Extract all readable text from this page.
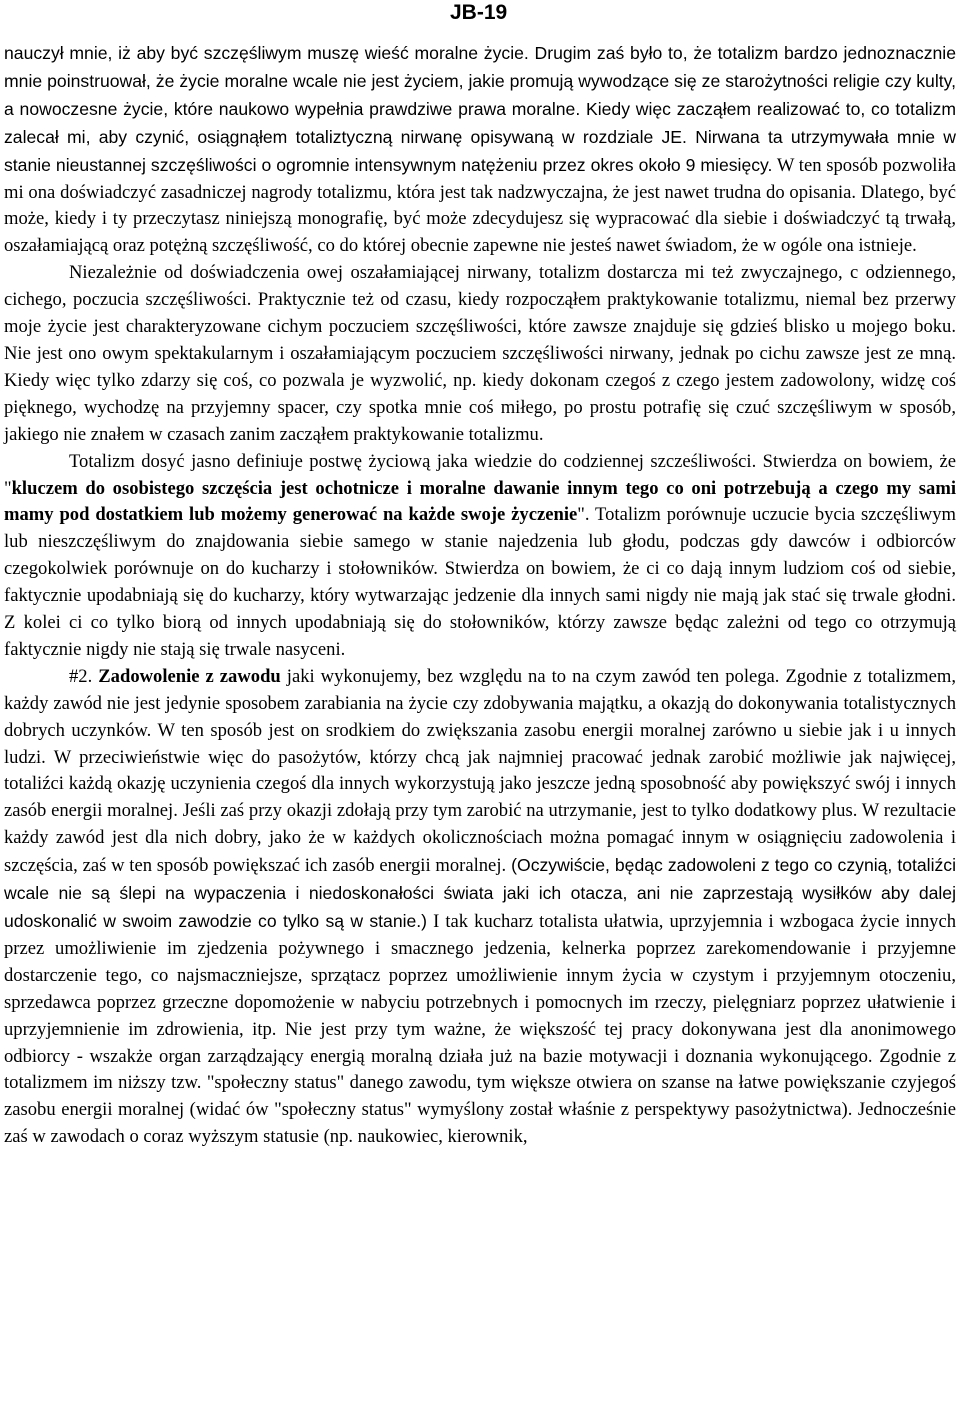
JB-19

nauczył mnie, iż aby być szczęśliwym muszę wieść moralne życie. Drugim zaś było to, że totalizm bardzo jednoznacznie mnie poinstruował, że życie moralne wcale nie jest życiem, jakie promują wywodzące się ze starożytności religie czy kulty, a nowoczesne życie, które naukowo wypełnia prawdziwe prawa moralne. Kiedy więc zacząłem realizować to, co totalizm zalecał mi, aby czynić, osiągnąłem totaliztyczną nirwanę opisywaną w rozdziale JE. Nirwana ta utrzymywała mnie w stanie nieustannej szczęśliwości o ogromnie intensywnym natężeniu przez okres około 9 miesięcy. W ten sposób pozwoliła mi ona doświadczyć zasadniczej nagrody totalizmu, która jest tak nadzwyczajna, że jest nawet trudna do opisania. Dlatego, być może, kiedy i ty przeczytasz niniejszą monografię, być może zdecydujesz się wypracować dla siebie i doświadczyć tą trwałą, oszałamiającą oraz potężną szczęśliwość, co do której obecnie zapewne nie jesteś nawet świadom, że w ogóle ona istnieje.

Niezależnie od doświadczenia owej oszałamiającej nirwany, totalizm dostarcza mi też zwyczajnego, c odziennego, cichego, poczucia szczęśliwości. Praktycznie też od czasu, kiedy rozpocząłem praktykowanie totalizmu, niemal bez przerwy moje życie jest charakteryzowane cichym poczuciem szczęśliwości, które zawsze znajduje się gdzieś blisko u mojego boku. Nie jest ono owym spektakularnym i oszałamiającym poczuciem szczęśliwości nirwany, jednak po cichu zawsze jest ze mną. Kiedy więc tylko zdarzy się coś, co pozwala je wyzwolić, np. kiedy dokonam czegoś z czego jestem zadowolony, widzę coś pięknego, wychodzę na przyjemny spacer, czy spotka mnie coś miłego, po prostu potrafię się czuć szczęśliwym w sposób, jakiego nie znałem w czasach zanim zacząłem praktykowanie totalizmu.

Totalizm dosyć jasno definiuje postwę życiową jaka wiedzie do codziennej szcześliwości. Stwierdza on bowiem, że "kluczem do osobistego szczęścia jest ochotnicze i moralne dawanie innym tego co oni potrzebują a czego my sami mamy pod dostatkiem lub możemy generować na każde swoje życzenie". Totalizm porównuje uczucie bycia szczęśliwym lub nieszczęśliwym do znajdowania siebie samego w stanie najedzenia lub głodu, podczas gdy dawców i odbiorców czegokolwiek porównuje on do kucharzy i stołowników. Stwierdza on bowiem, że ci co dają innym ludziom coś od siebie, faktycznie upodabniają się do kucharzy, który wytwarzając jedzenie dla innych sami nigdy nie mają jak stać się trwale głodni. Z kolei ci co tylko biorą od innych upodabniają się do stołowników, którzy zawsze będąc zależni od tego co otrzymują faktycznie nigdy nie stają się trwale nasyceni.

#2. Zadowolenie z zawodu jaki wykonujemy, bez względu na to na czym zawód ten polega. Zgodnie z totalizmem, każdy zawód nie jest jedynie sposobem zarabiania na życie czy zdobywania majątku, a okazją do dokonywania totalistycznych dobrych uczynków. W ten sposób jest on srodkiem do zwiększania zasobu energii moralnej zarówno u siebie jak i u innych ludzi. W przeciwieństwie więc do pasożytów, którzy chcą jak najmniej pracować jednak zarobić możliwie jak najwięcej, totaliźci każdą okazję uczynienia czegoś dla innych wykorzystują jako jeszcze jedną sposobność aby powiększyć swój i innych zasób energii moralnej. Jeśli zaś przy okazji zdołają przy tym zarobić na utrzymanie, jest to tylko dodatkowy plus. W rezultacie każdy zawód jest dla nich dobry, jako że w każdych okolicznościach można pomagać innym w osiągnięciu zadowolenia i szczęścia, zaś w ten sposób powiększać ich zasób energii moralnej. (Oczywiście, będąc zadowoleni z tego co czynią, totaliźci wcale nie są ślepi na wypaczenia i niedoskonałości świata jaki ich otacza, ani nie zaprzestają wysiłków aby dalej udoskonalić w swoim zawodzie co tylko są w stanie.) I tak kucharz totalista ułatwia, uprzyjemnia i wzbogaca życie innych przez umożliwienie im zjedzenia pożywnego i smacznego jedzenia, kelnerka poprzez zarekomendowanie i przyjemne dostarczenie tego, co najsmaczniejsze, sprzątacz poprzez umożliwienie innym życia w czystym i przyjemnym otoczeniu, sprzedawca poprzez grzeczne dopomożenie w nabyciu potrzebnych i pomocnych im rzeczy, pielęgniarz poprzez ułatwienie i uprzyjemnienie im zdrowienia, itp. Nie jest przy tym ważne, że większość tej pracy dokonywana jest dla anonimowego odbiorcy - wszakże organ zarządzający energią moralną działa już na bazie motywacji i doznania wykonującego. Zgodnie z totalizmem im niższy tzw. "społeczny status" danego zawodu, tym większe otwiera on szanse na łatwe powiększanie czyjegoś zasobu energii moralnej (widać ów "społeczny status" wymyślony został właśnie z perspektywy pasożytnictwa). Jednocześnie zaś w zawodach o coraz wyższym statusie (np. naukowiec, kierownik,
